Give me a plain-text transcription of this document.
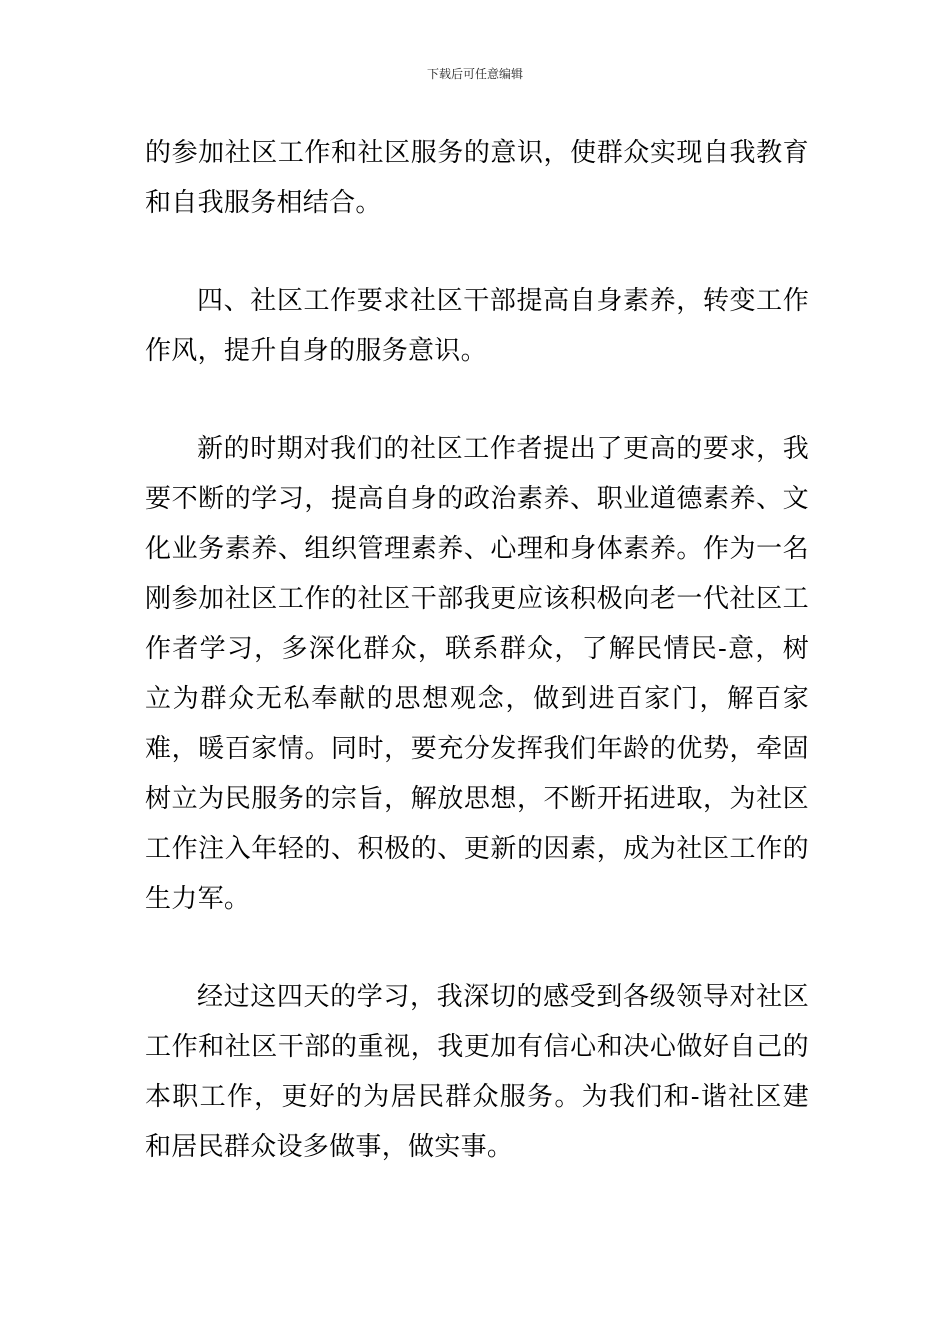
下载后可任意编辑

的参加社区工作和社区服务的意识，使群众实现自我教育和自我服务相结合。

四、社区工作要求社区干部提高自身素养，转变工作作风，提升自身的服务意识。

新的时期对我们的社区工作者提出了更高的要求，我要不断的学习，提高自身的政治素养、职业道德素养、文化业务素养、组织管理素养、心理和身体素养。作为一名刚参加社区工作的社区干部我更应该积极向老一代社区工作者学习，多深化群众，联系群众，了解民情民-意，树立为群众无私奉献的思想观念，做到进百家门，解百家难，暖百家情。同时，要充分发挥我们年龄的优势，牵固树立为民服务的宗旨，解放思想，不断开拓进取，为社区工作注入年轻的、积极的、更新的因素，成为社区工作的生力军。

经过这四天的学习，我深切的感受到各级领导对社区工作和社区干部的重视，我更加有信心和决心做好自己的本职工作，更好的为居民群众服务。为我们和-谐社区建和居民群众设多做事，做实事。
